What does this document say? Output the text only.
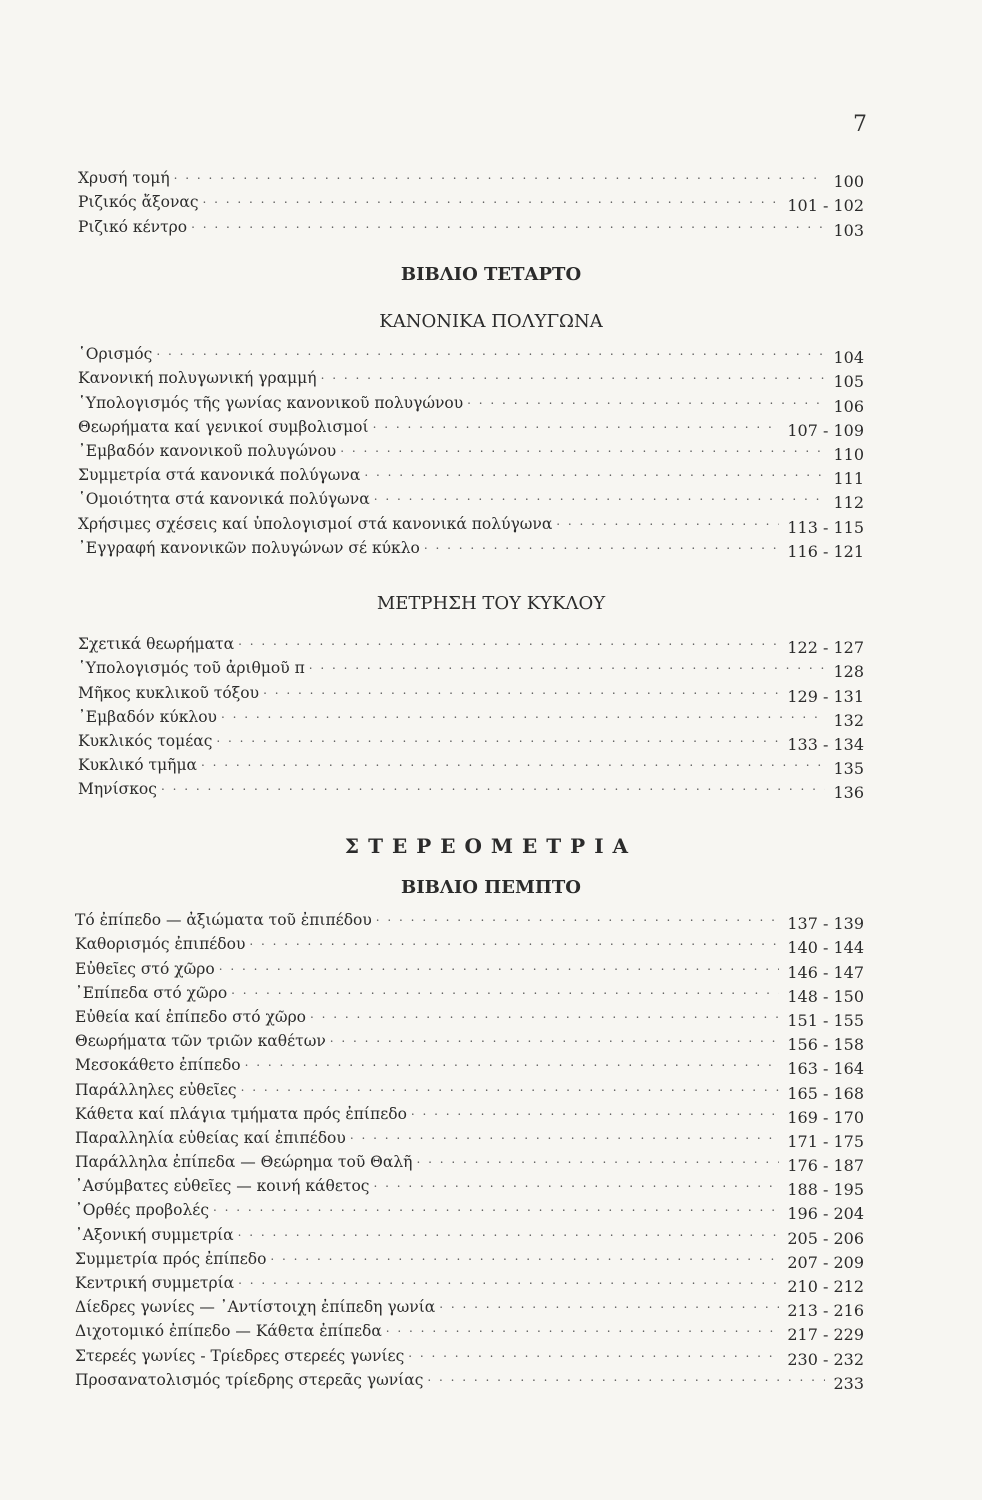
7
Χρυσή τομή . . .	100
Ριζικός ἄξονας . . .	101 - 102
Ριζικό κέντρο . . .	103
ΒΙΒΛΙΟ ΤΕΤΑΡΤΟ
ΚΑΝΟΝΙΚΑ ΠΟΛΥΓΩΝΑ
῾Ορισμός . . .	104
Κανονική πολυγωνική γραμμή . . .	105
῾Υπολογισμός τῆς γωνίας κανονικοῦ πολυγώνου . . .	106
Θεωρήματα καί γενικοί συμβολισμοί . . .	107 - 109
᾿Εμβαδόν κανονικοῦ πολυγώνου . . .	110
Συμμετρία στά κανονικά πολύγωνα . . .	111
῾Ομοιότητα στά κανονικά πολύγωνα . . .	112
Χρήσιμες σχέσεις καί ὑπολογισμοί στά κανονικά πολύγωνα . . .	113 - 115
᾿Εγγραφή κανονικῶν πολυγώνων σέ κύκλο . . .	116 - 121
ΜΕΤΡΗΣΗ ΤΟΥ ΚΥΚΛΟΥ
Σχετικά θεωρήματα . . .	122 - 127
῾Υπολογισμός τοῦ ἀριθμοῦ π . . .	128
Μῆκος κυκλικοῦ τόξου . . .	129 - 131
᾿Εμβαδόν κύκλου . . .	132
Κυκλικός τομέας . . .	133 - 134
Κυκλικό τμῆμα . . .	135
Μηνίσκος . . .	136
ΣΤΕΡΕΟΜΕΤΡΙΑ
ΒΙΒΛΙΟ ΠΕΜΠΤΟ
Τό ἐπίπεδο — ἀξιώματα τοῦ ἐπιπέδου . . .	137 - 139
Καθορισμός ἐπιπέδου . . .	140 - 144
Εὐθεῖες στό χῶρο . . .	146 - 147
᾿Επίπεδα στό χῶρο . . .	148 - 150
Εὐθεία καί ἐπίπεδο στό χῶρο . . .	151 - 155
Θεωρήματα τῶν τριῶν καθέτων . . .	156 - 158
Μεσοκάθετο ἐπίπεδο . . .	163 - 164
Παράλληλες εὐθεῖες . . .	165 - 168
Κάθετα καί πλάγια τμήματα πρός ἐπίπεδο . . .	169 - 170
Παραλληλία εὐθείας καί ἐπιπέδου . . .	171 - 175
Παράλληλα ἐπίπεδα — Θεώρημα τοῦ Θαλῆ . . .	176 - 187
᾿Ασύμβατες εὐθεῖες — κοινή κάθετος . . .	188 - 195
᾿Ορθές προβολές . . .	196 - 204
᾿Αξονική συμμετρία . . .	205 - 206
Συμμετρία πρός ἐπίπεδο . . .	207 - 209
Κεντρική συμμετρία . . .	210 - 212
Δίεδρες γωνίες — ᾿Αντίστοιχη ἐπίπεδη γωνία . . .	213 - 216
Διχοτομικό ἐπίπεδο — Κάθετα ἐπίπεδα . . .	217 - 229
Στερεές γωνίες - Τρίεδρες στερεές γωνίες . . .	230 - 232
Προσανατολισμός τρίεδρης στερεᾶς γωνίας . . .	233
